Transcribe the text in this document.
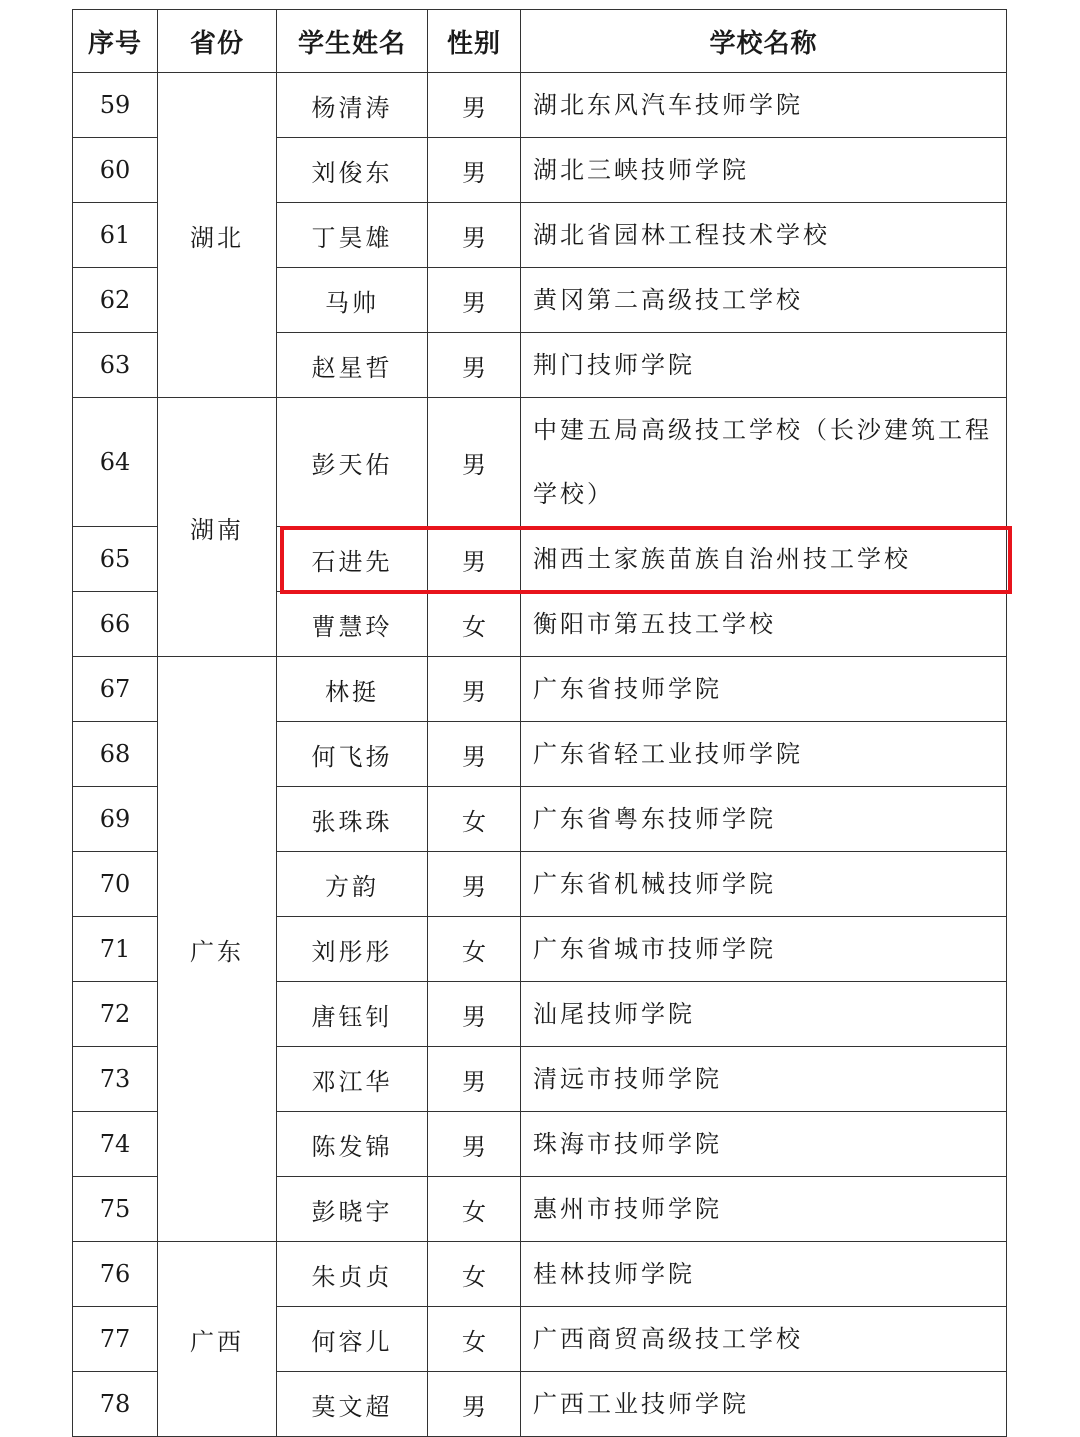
序号	省份	学生姓名	性别	学校名称
59	湖北	杨清涛	男	湖北东风汽车技师学院
60		刘俊东	男	湖北三峡技师学院
61		丁昊雄	男	湖北省园林工程技术学校
62		马帅	男	黄冈第二高级技工学校
63		赵星哲	男	荆门技师学院
64	湖南	彭天佑	男	中建五局高级技工学校（长沙建筑工程学校）
65		石进先	男	湘西土家族苗族自治州技工学校
66		曹慧玲	女	衡阳市第五技工学校
67	广东	林挺	男	广东省技师学院
68		何飞扬	男	广东省轻工业技师学院
69		张珠珠	女	广东省粤东技师学院
70		方韵	男	广东省机械技师学院
71		刘彤彤	女	广东省城市技师学院
72		唐钰钊	男	汕尾技师学院
73		邓江华	男	清远市技师学院
74		陈发锦	男	珠海市技师学院
75		彭晓宇	女	惠州市技师学院
76	广西	朱贞贞	女	桂林技师学院
77		何容儿	女	广西商贸高级技工学校
78		莫文超	男	广西工业技师学院
